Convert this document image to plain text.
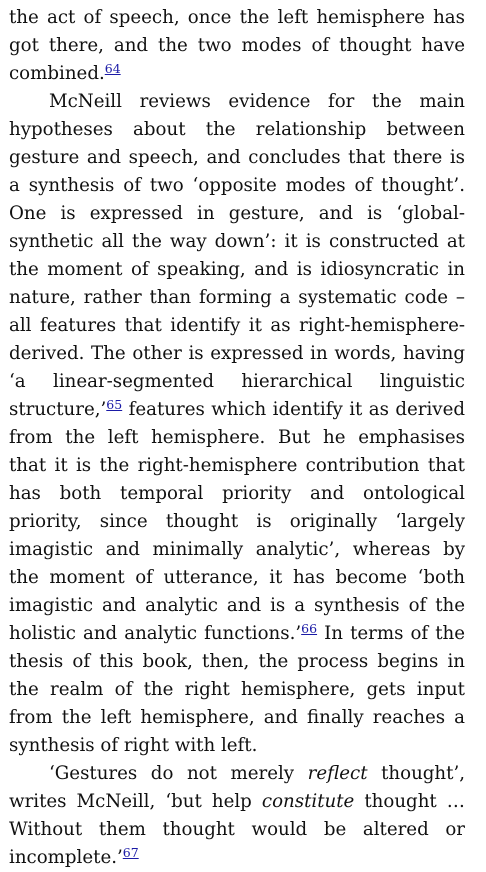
the act of speech, once the left hemisphere has got there, and the two modes of thought have combined.$^{64}$

McNeill reviews evidence for the main hypotheses about the relationship between gesture and speech, and concludes that there is a synthesis of two ‘opposite modes of thought’. One is expressed in gesture, and is ‘global-synthetic all the way down’: it is constructed at the moment of speaking, and is idiosyncratic in nature, rather than forming a systematic code – all features that identify it as right-hemisphere-derived. The other is expressed in words, having ‘a linear-segmented hierarchical linguistic structure,’$^{65}$ features which identify it as derived from the left hemisphere. But he emphasises that it is the right-hemisphere contribution that has both temporal priority and ontological priority, since thought is originally ‘largely imagistic and minimally analytic’, whereas by the moment of utterance, it has become ‘both imagistic and analytic and is a synthesis of the holistic and analytic functions.’$^{66}$ In terms of the thesis of this book, then, the process begins in the realm of the right hemisphere, gets input from the left hemisphere, and finally reaches a synthesis of right with left.

‘Gestures do not merely reflect thought’, writes McNeill, ‘but help constitute thought … Without them thought would be altered or incomplete.’$^{67}$
